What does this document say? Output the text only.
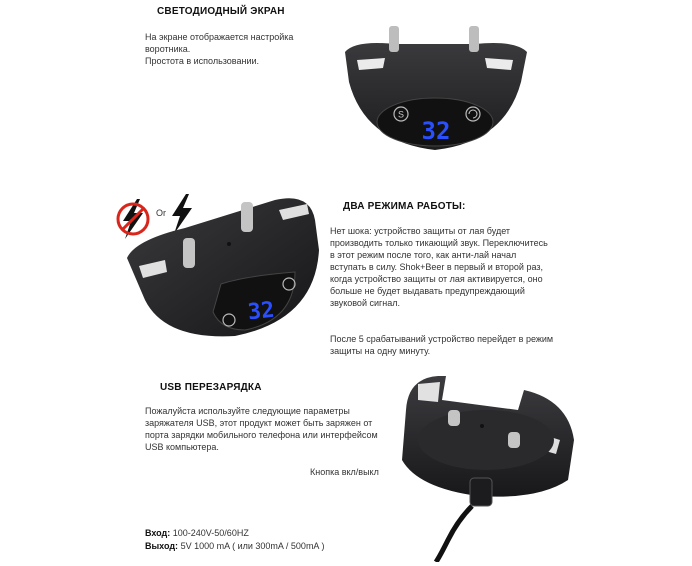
СВЕТОДИОДНЫЙ ЭКРАН

На экране отображается настройка

воротника.

Простота в использовании.

S
32
Or
32
ДВА РЕЖИМА РАБОТЫ:

Нет шока: устройство защиты от лая будет

производить только тикающий звук. Переключитесь

в этот режим после того, как анти-лай начал

вступать в силу. Shok+Beer в первый и второй раз,

когда устройство защиты от лая активируется, оно

больше не будет выдавать предупреждающий

звуковой сигнал.

После 5 срабатываний устройство перейдет в режим

защиты на одну минуту.

USB ПЕРЕЗАРЯДКА

Пожалуйста используйте следующие параметры

заряжателя USB, этот продукт может быть заряжен от

порта зарядки мобильного телефона или интерфейсом

USB компьютера.

Кнопка вкл/выкл
Вход: 100-240V-50/60HZ
Выход: 5V 1000 mA ( или 300mA / 500mA )
